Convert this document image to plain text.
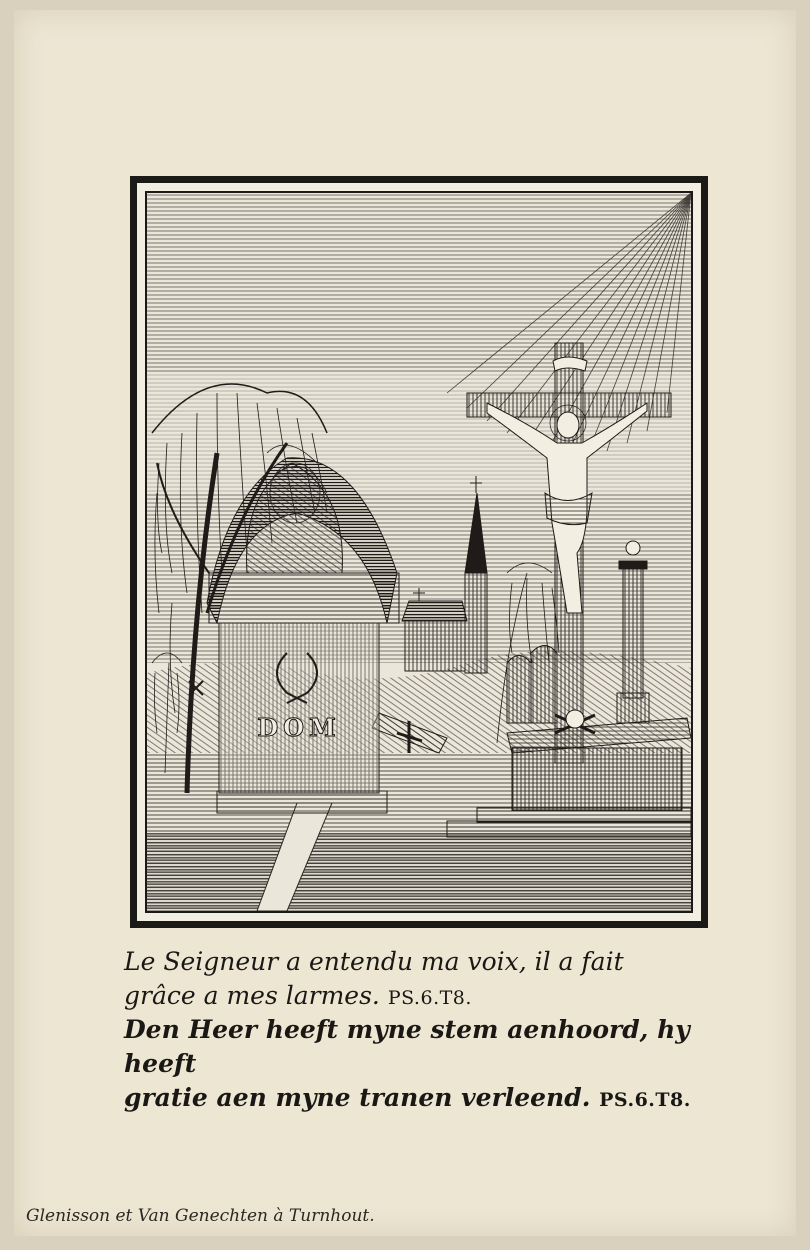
DOM

Le Seigneur a entendu ma voix, il a fait
grâce a mes larmes. PS.6.T8.

Den Heer heeft myne stem aenhoord, hy heeft
gratie aen myne tranen verleend. PS.6.T8.

Glenisson et Van Genechten à Turnhout.
